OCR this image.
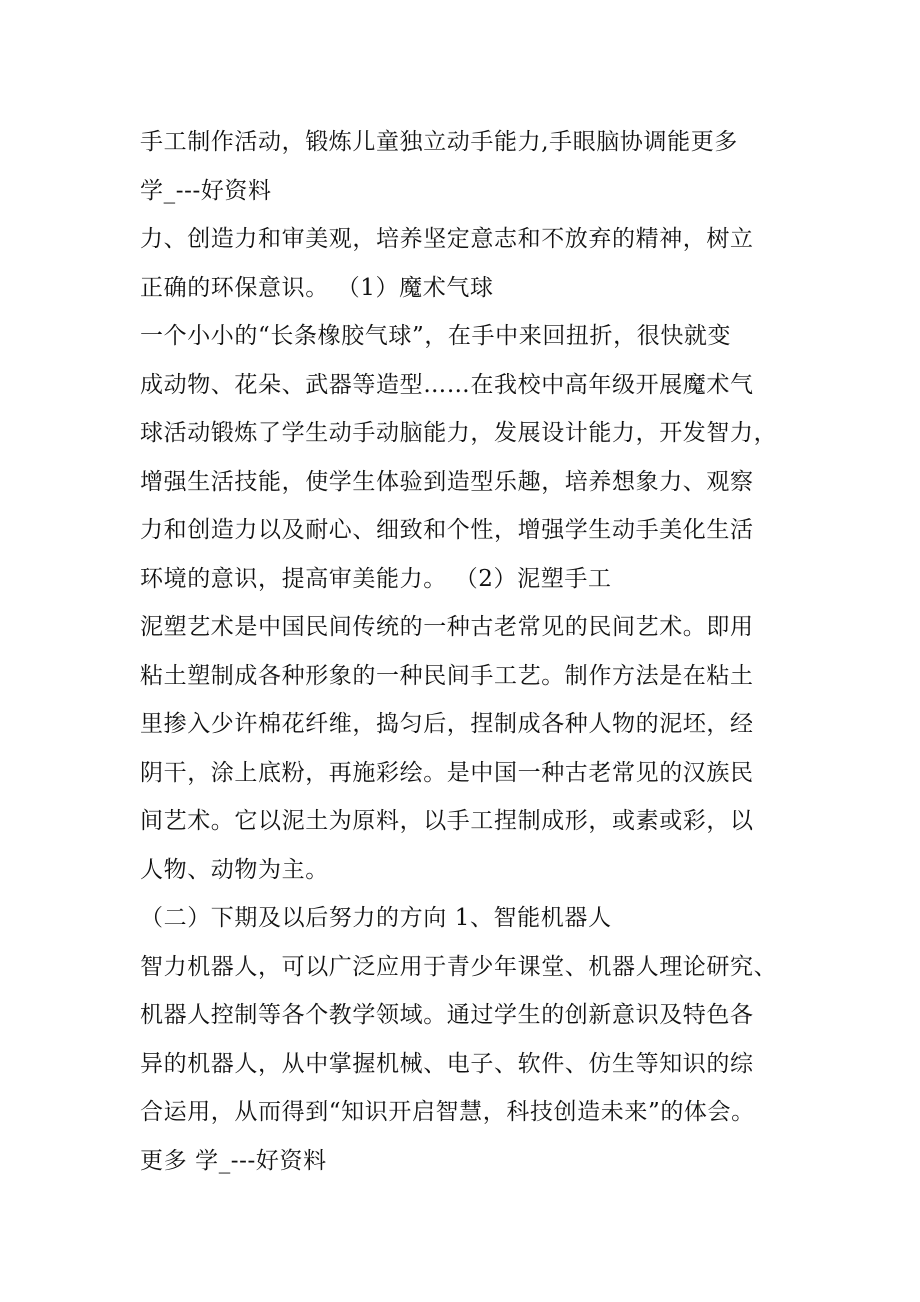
手工制作活动，锻炼儿童独立动手能力,手眼脑协调能更多
学_---好资料
力、创造力和审美观，培养坚定意志和不放弃的精神，树立
正确的环保意识。 （1）魔术气球
一个小小的“长条橡胶气球”，在手中来回扭折，很快就变
成动物、花朵、武器等造型……在我校中高年级开展魔术气
球活动锻炼了学生动手动脑能力，发展设计能力，开发智力，
增强生活技能，使学生体验到造型乐趣，培养想象力、观察
力和创造力以及耐心、细致和个性，增强学生动手美化生活
环境的意识，提高审美能力。 （2）泥塑手工
泥塑艺术是中国民间传统的一种古老常见的民间艺术。即用
粘土塑制成各种形象的一种民间手工艺。制作方法是在粘土
里掺入少许棉花纤维，捣匀后，捏制成各种人物的泥坯，经
阴干，涂上底粉，再施彩绘。是中国一种古老常见的汉族民
间艺术。它以泥土为原料，以手工捏制成形，或素或彩，以
人物、动物为主。
（二）下期及以后努力的方向 1、智能机器人
智力机器人，可以广泛应用于青少年课堂、机器人理论研究、
机器人控制等各个教学领域。通过学生的创新意识及特色各
异的机器人，从中掌握机械、电子、软件、仿生等知识的综
合运用，从而得到“知识开启智慧，科技创造未来”的体会。
更多 学_---好资料
